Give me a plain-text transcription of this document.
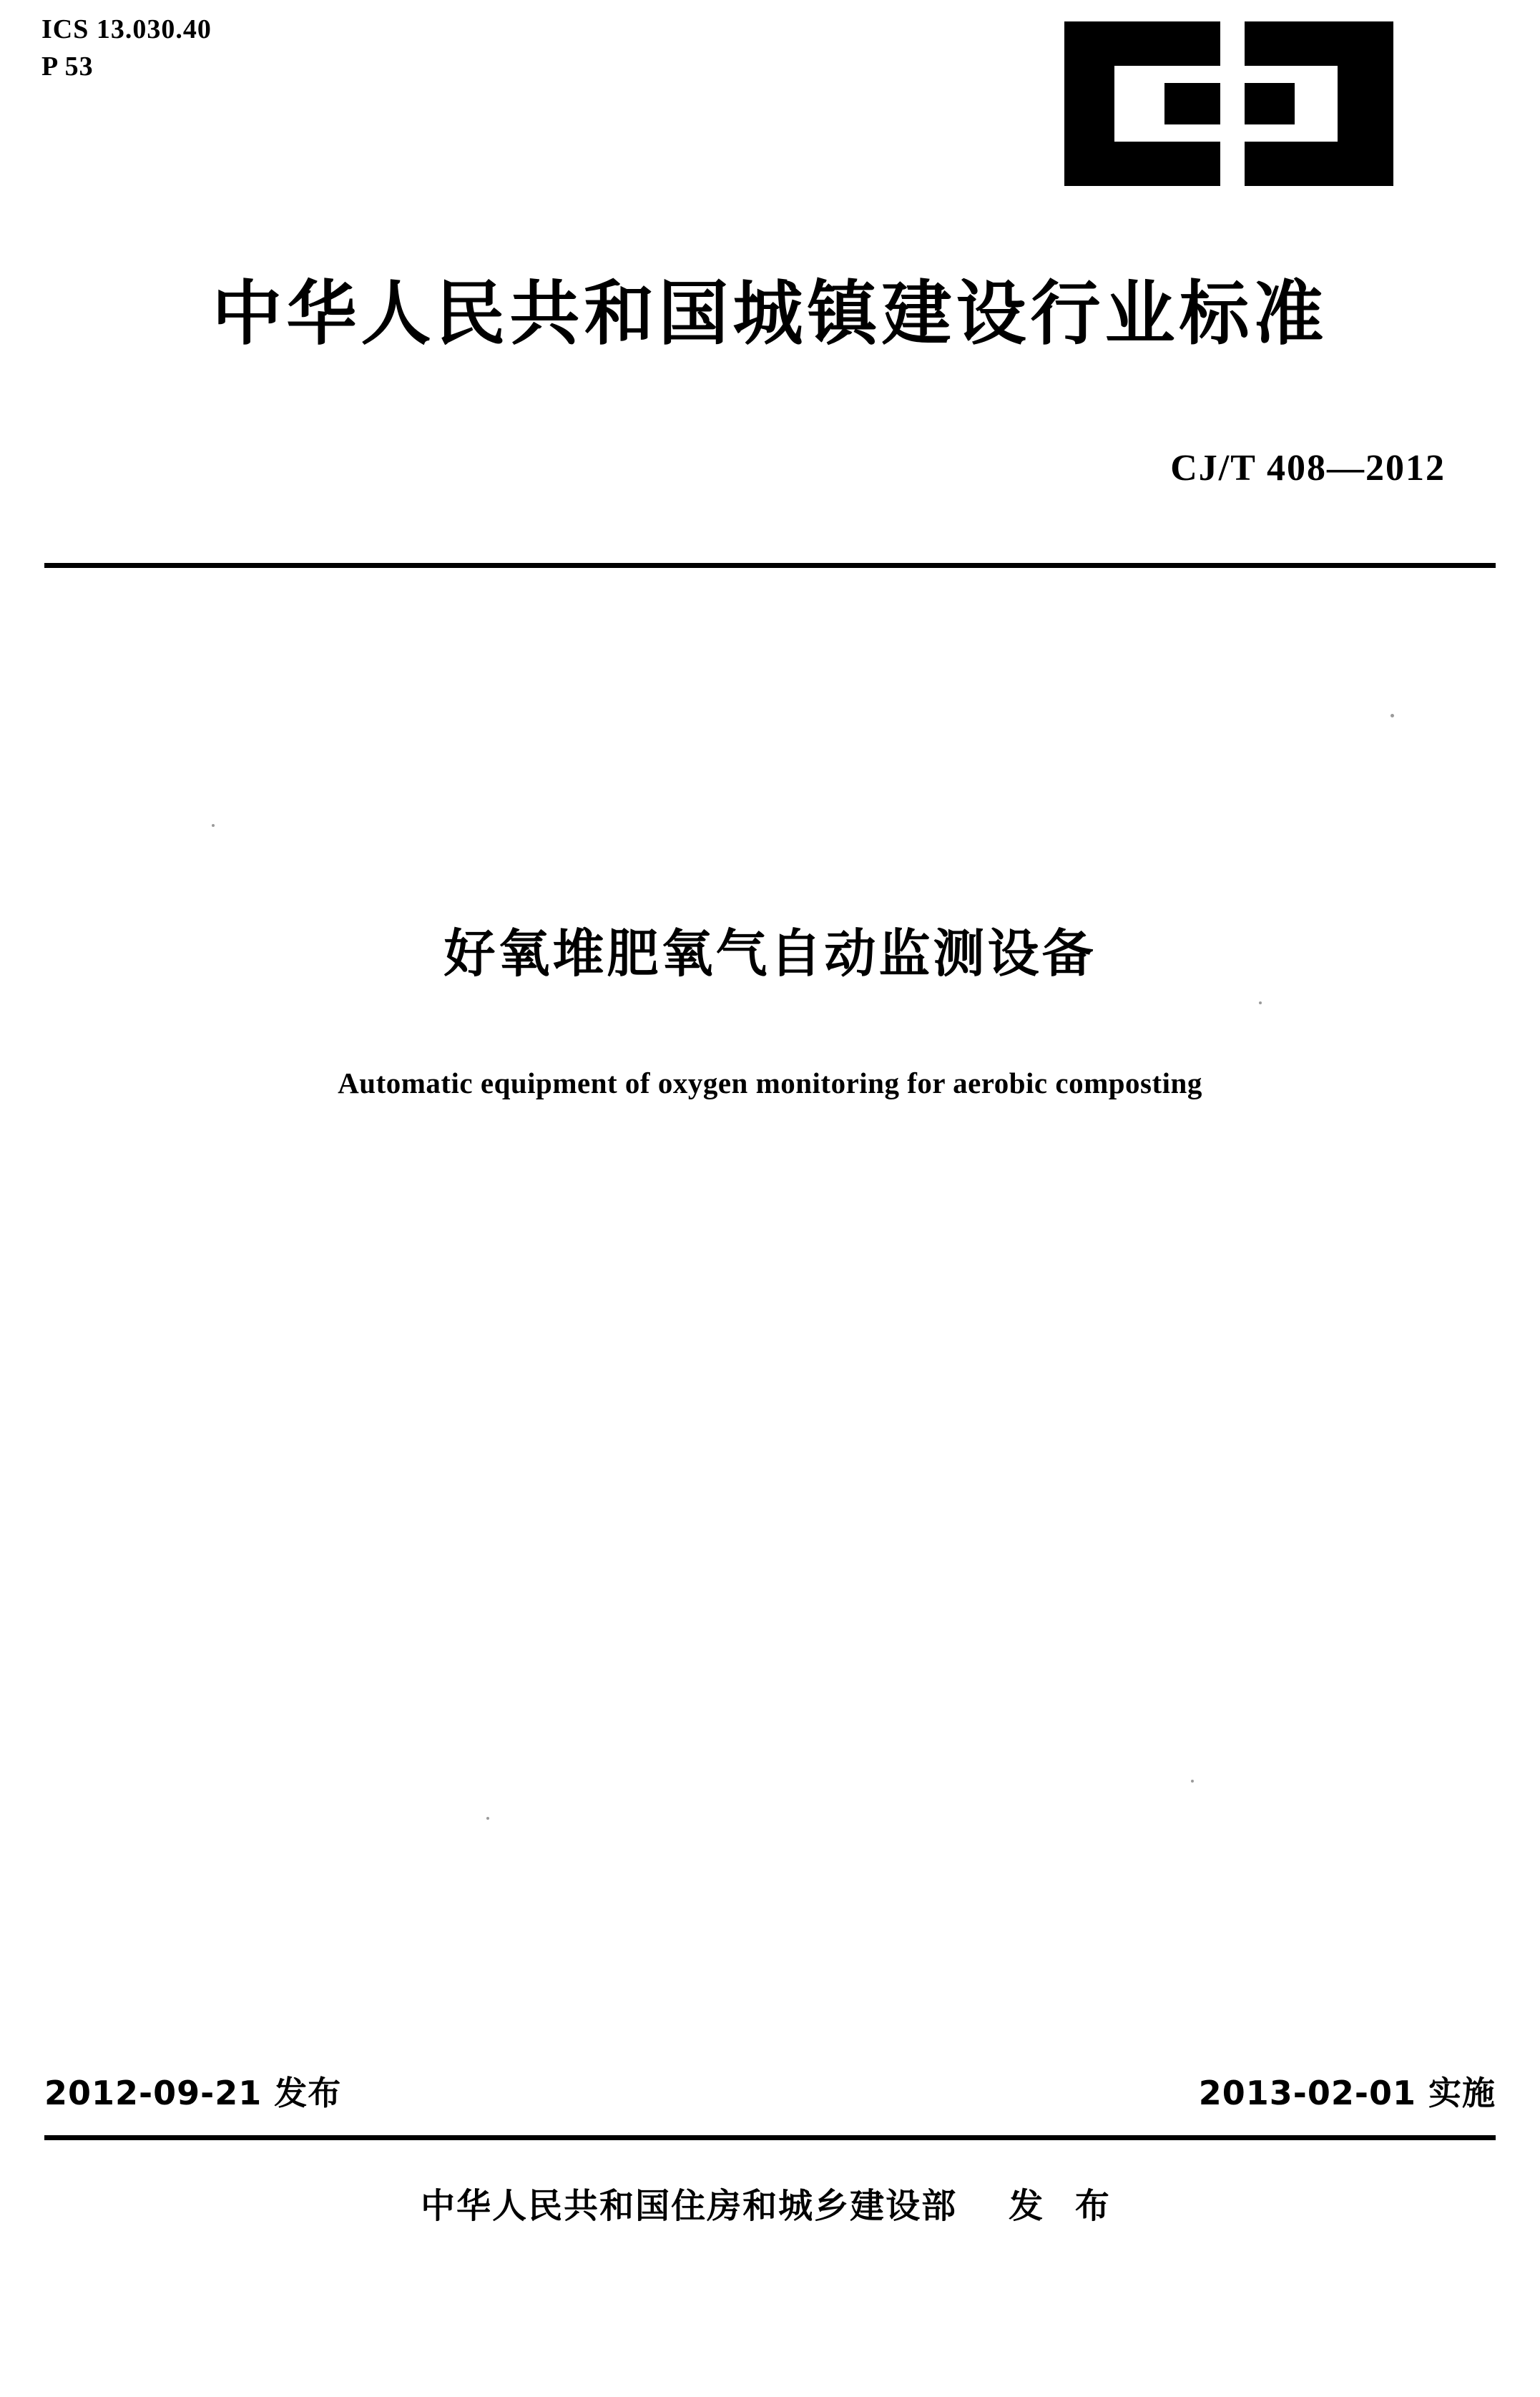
ICS 13.030.40
P 53
中华人民共和国城镇建设行业标准
CJ/T 408—2012
好氧堆肥氧气自动监测设备
Automatic equipment of oxygen monitoring for aerobic composting
2012-09-21 发布	2013-02-01 实施
中华人民共和国住房和城乡建设部 发 布
